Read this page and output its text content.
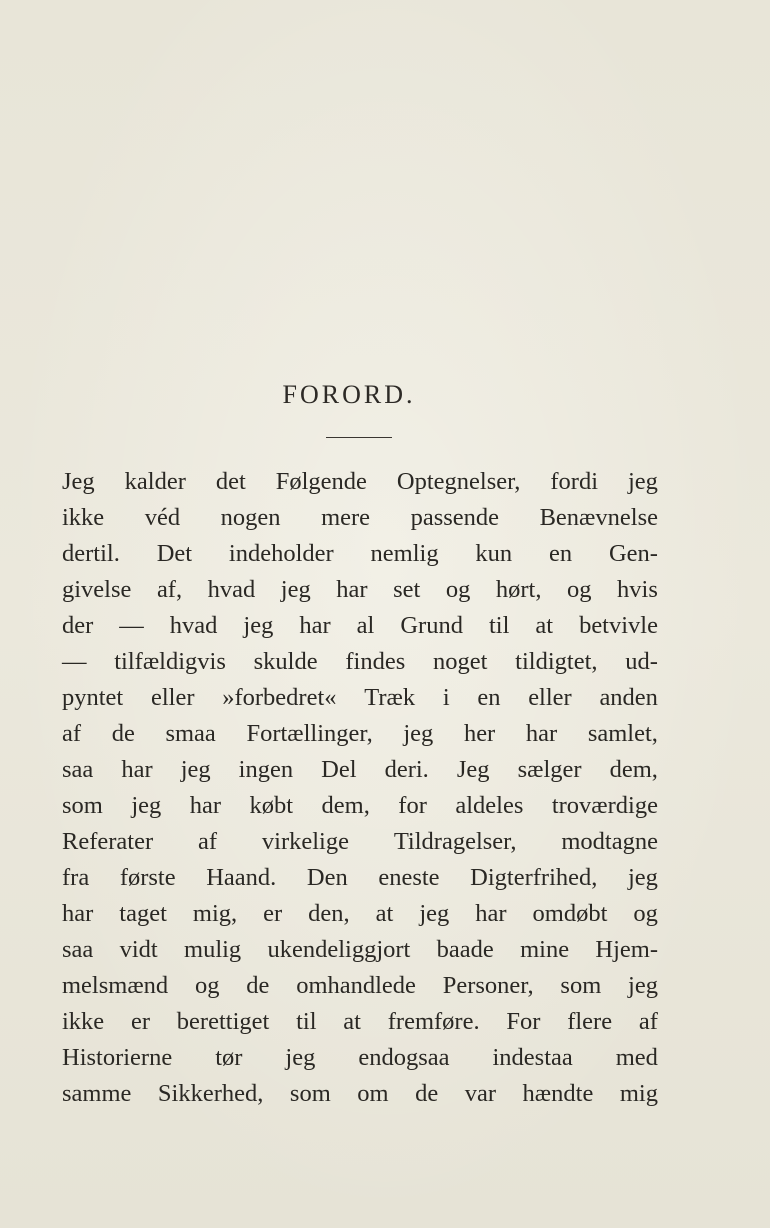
FORORD.
Jeg kalder det Følgende Optegnelser, fordi jeg
ikke véd nogen mere passende Benævnelse
dertil. Det indeholder nemlig kun en Gen-
givelse af, hvad jeg har set og hørt, og hvis
der — hvad jeg har al Grund til at betvivle
— tilfældigvis skulde findes noget tildigtet, ud-
pyntet eller »forbedret« Træk i en eller anden
af de smaa Fortællinger, jeg her har samlet,
saa har jeg ingen Del deri. Jeg sælger dem,
som jeg har købt dem, for aldeles troværdige
Referater af virkelige Tildragelser, modtagne
fra første Haand. Den eneste Digterfrihed, jeg
har taget mig, er den, at jeg har omdøbt og
saa vidt mulig ukendeliggjort baade mine Hjem-
melsmænd og de omhandlede Personer, som jeg
ikke er berettiget til at fremføre. For flere af
Historierne tør jeg endogsaa indestaa med
samme Sikkerhed, som om de var hændte mig
